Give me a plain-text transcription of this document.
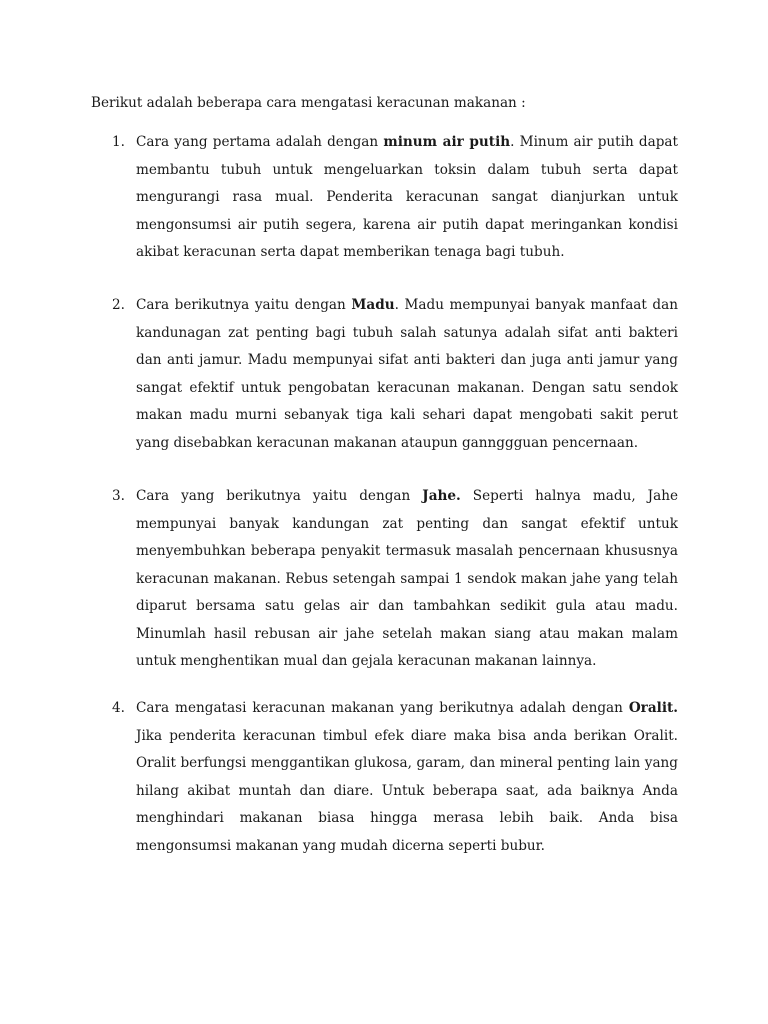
Berikut adalah beberapa cara mengatasi keracunan makanan :

1. Cara yang pertama adalah dengan minum air putih. Minum air putih dapat membantu tubuh untuk mengeluarkan toksin dalam tubuh serta dapat mengurangi rasa mual. Penderita keracunan sangat dianjurkan untuk mengonsumsi air putih segera, karena air putih dapat meringankan kondisi akibat keracunan serta dapat memberikan tenaga bagi tubuh.

2. Cara berikutnya yaitu dengan Madu. Madu mempunyai banyak manfaat dan kandunagan zat penting bagi tubuh salah satunya adalah sifat anti bakteri dan anti jamur. Madu mempunyai sifat anti bakteri dan juga anti jamur yang sangat efektif untuk pengobatan keracunan makanan. Dengan satu sendok makan madu murni sebanyak tiga kali sehari dapat mengobati sakit perut yang disebabkan keracunan makanan ataupun gannggguan pencernaan.

3. Cara yang berikutnya yaitu dengan Jahe. Seperti halnya madu, Jahe mempunyai banyak kandungan zat penting dan sangat efektif untuk menyembuhkan beberapa penyakit termasuk masalah pencernaan khususnya keracunan makanan. Rebus setengah sampai 1 sendok makan jahe yang telah diparut bersama satu gelas air dan tambahkan sedikit gula atau madu. Minumlah hasil rebusan air jahe setelah makan siang atau makan malam untuk menghentikan mual dan gejala keracunan makanan lainnya.

4. Cara mengatasi keracunan makanan yang berikutnya adalah dengan Oralit. Jika penderita keracunan timbul efek diare maka bisa anda berikan Oralit. Oralit berfungsi menggantikan glukosa, garam, dan mineral penting lain yang hilang akibat muntah dan diare. Untuk beberapa saat, ada baiknya Anda menghindari makanan biasa hingga merasa lebih baik. Anda bisa mengonsumsi makanan yang mudah dicerna seperti bubur.
